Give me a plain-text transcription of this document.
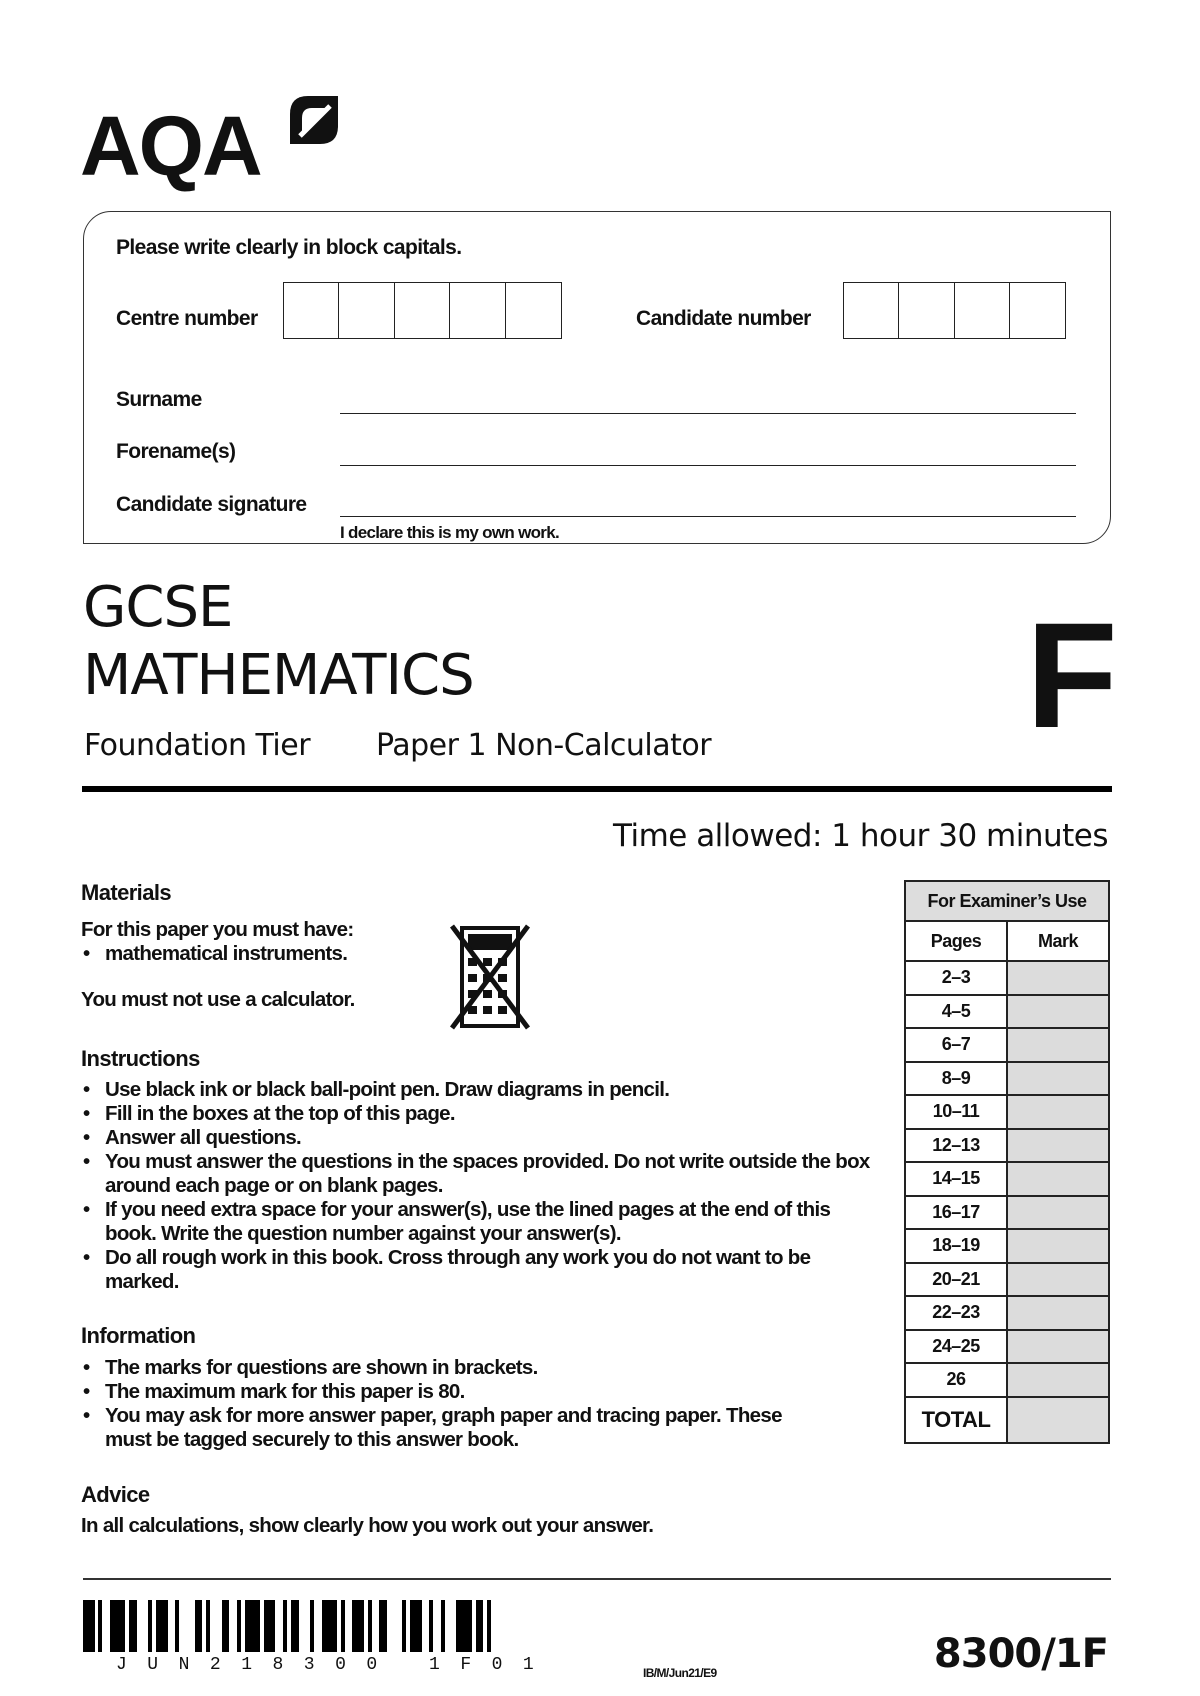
AQA
Please write clearly in block capitals.
Centre number	Candidate number
Surname
Forename(s)
Candidate signature
I declare this is my own work.
GCSE
MATHEMATICS
Foundation Tier Paper 1 Non-Calculator F
Time allowed: 1 hour 30 minutes
Materials
For this paper you must have:
• mathematical instruments.
You must not use a calculator.
Instructions
• Use black ink or black ball-point pen. Draw diagrams in pencil.
• Fill in the boxes at the top of this page.
• Answer all questions.
• You must answer the questions in the spaces provided. Do not write outside the box around each page or on blank pages.
• If you need extra space for your answer(s), use the lined pages at the end of this book. Write the question number against your answer(s).
• Do all rough work in this book. Cross through any work you do not want to be marked.
Information
• The marks for questions are shown in brackets.
• The maximum mark for this paper is 80.
• You may ask for more answer paper, graph paper and tracing paper. These must be tagged securely to this answer book.
Advice
In all calculations, show clearly how you work out your answer.
For Examiner’s Use	
Pages	Mark
2–3	
4–5	
6–7	
8–9	
10–11	
12–13	
14–15	
16–17	
18–19	
20–21	
22–23	
24–25	
26	
TOTAL	
JUN218300 1F01	IB/M/Jun21/E9	8300/1F
